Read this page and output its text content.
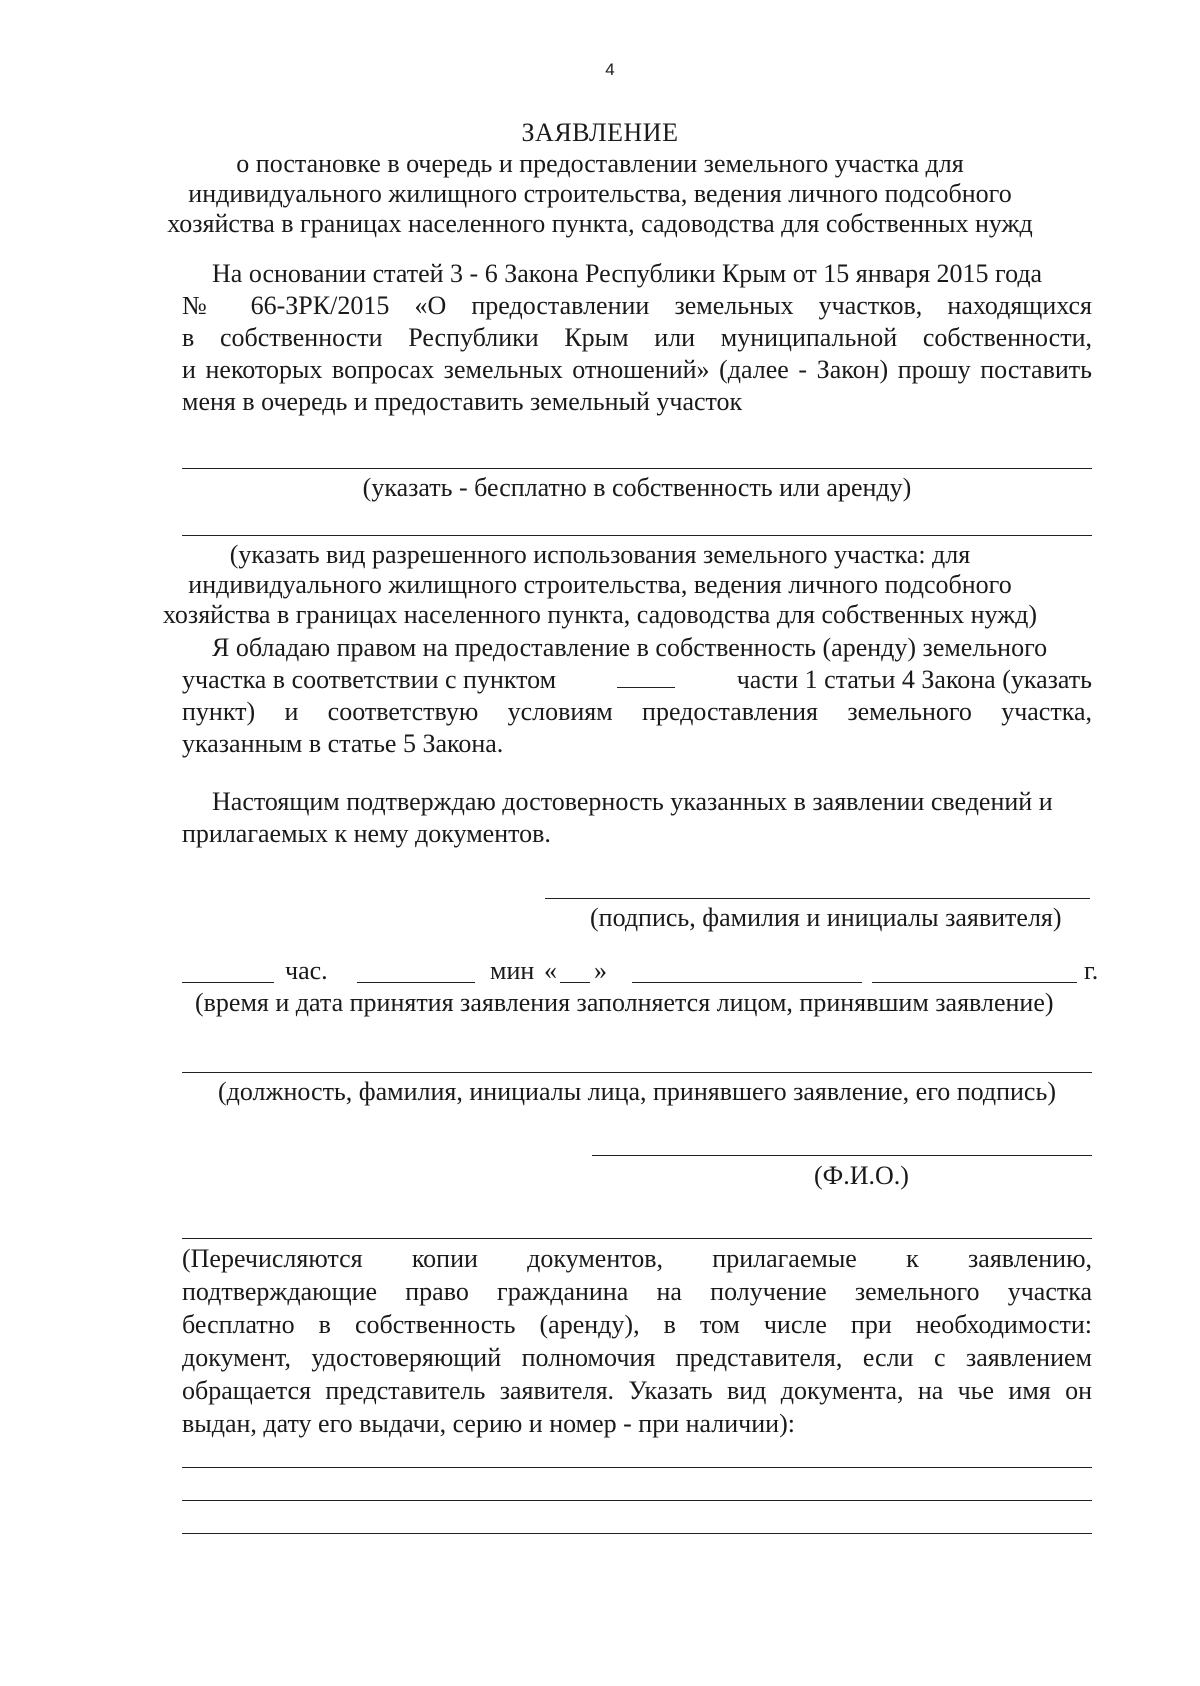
4
ЗАЯВЛЕНИЕ
о постановке в очередь и предоставлении земельного участка для
индивидуального жилищного строительства, ведения личного подсобного
хозяйства в границах населенного пункта, садоводства для собственных нужд
На основании статей 3 - 6 Закона Республики Крым от 15 января 2015 года
№ 66-ЗРК/2015 «О предоставлении земельных участков, находящихся
в собственности Республики Крым или муниципальной собственности,
и некоторых вопросах земельных отношений» (далее - Закон) прошу поставить
меня в очередь и предоставить земельный участок
(указать - бесплатно в собственность или аренду)
(указать вид разрешенного использования земельного участка: для
индивидуального жилищного строительства, ведения личного подсобного
хозяйства в границах населенного пункта, садоводства для собственных нужд)
Я обладаю правом на предоставление в собственность (аренду) земельного
участка в соответствии с пунктом	части 1 статьи 4 Закона (указать
пункт) и соответствую условиям предоставления земельного участка,
указанным в статье 5 Закона.
Настоящим подтверждаю достоверность указанных в заявлении сведений и
прилагаемых к нему документов.
(подпись, фамилия и инициалы заявителя)
час.	мин « »	г.
(время и дата принятия заявления заполняется лицом, принявшим заявление)
(должность, фамилия, инициалы лица, принявшего заявление, его подпись)
(Ф.И.О.)
(Перечисляются копии документов, прилагаемые к заявлению,
подтверждающие право гражданина на получение земельного участка
бесплатно в собственность (аренду), в том числе при необходимости:
документ, удостоверяющий полномочия представителя, если с заявлением
обращается представитель заявителя. Указать вид документа, на чье имя он
выдан, дату его выдачи, серию и номер - при наличии):
